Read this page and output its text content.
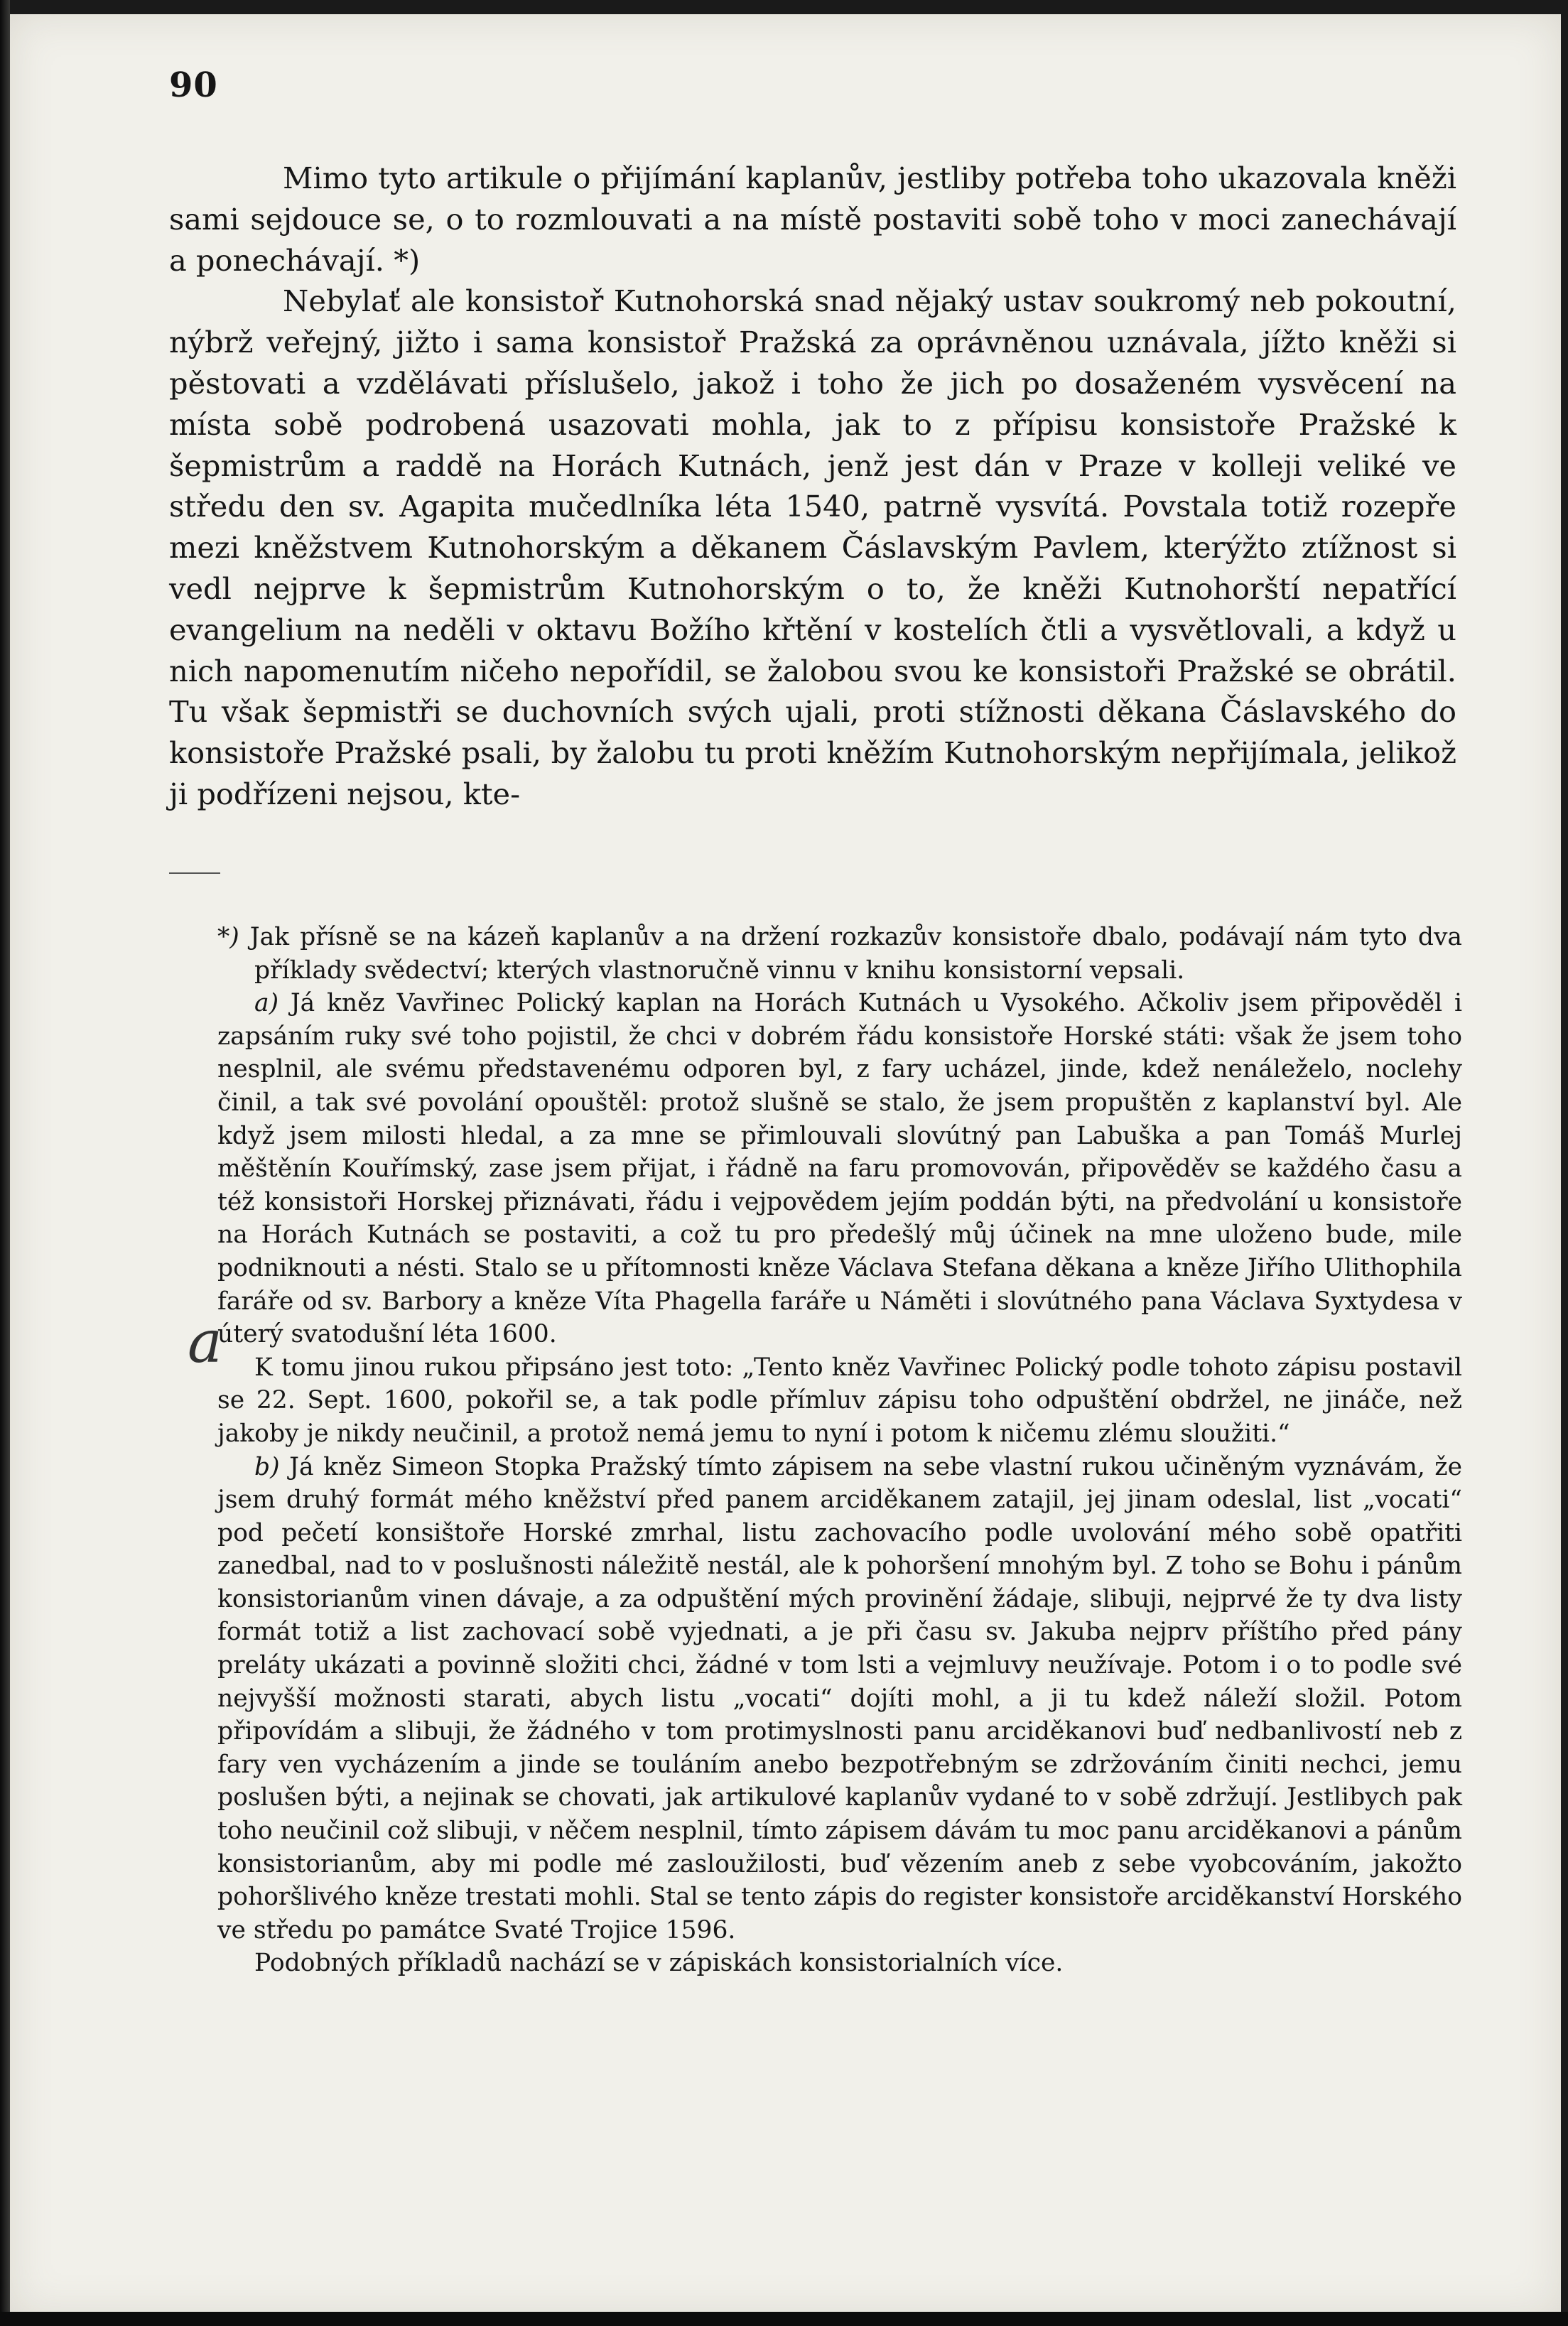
90

Mimo tyto artikule o přijímání kaplanův, jestliby potřeba toho ukazovala kněži sami sejdouce se, o to rozmlouvati a na místě postaviti sobě toho v moci zanechávají a ponechávají. *)

Nebylať ale konsistoř Kutnohorská snad nějaký ustav soukromý neb pokoutní, nýbrž veřejný, jižto i sama konsistoř Pražská za oprávněnou uznávala, jížto kněži si pěstovati a vzdělávati příslušelo, jakož i toho že jich po dosaženém vysvěcení na místa sobě podrobená usazovati mohla, jak to z přípisu konsistoře Pražské k šepmistrům a raddě na Horách Kutnách, jenž jest dán v Praze v kolleji veliké ve středu den sv. Agapita mučedlníka léta 1540, patrně vysvítá. Povstala totiž rozepře mezi kněžstvem Kutnohorským a děkanem Čáslavským Pavlem, kterýžto ztížnost si vedl nejprve k šepmistrům Kutnohorským o to, že kněži Kutnohorští nepatřící evangelium na neděli v oktavu Božího křtění v kostelích čtli a vysvětlovali, a když u nich napomenutím ničeho nepořídil, se žalobou svou ke konsistoři Pražské se obrátil. Tu však šepmistři se duchovních svých ujali, proti stížnosti děkana Čáslavského do konsistoře Pražské psali, by žalobu tu proti kněžím Kutnohorským nepřijímala, jelikož ji podřízeni nejsou, kte-

*) Jak přísně se na kázeň kaplanův a na držení rozkazův konsistoře dbalo, podávají nám tyto dva příklady svědectví; kterých vlastnoručně vinnu v knihu konsistorní vepsali.

a) Já kněz Vavřinec Polický kaplan na Horách Kutnách u Vysokého. Ačkoliv jsem připověděl i zapsáním ruky své toho pojistil, že chci v dobrém řádu konsistoře Horské státi: však že jsem toho nesplnil, ale svému představenému odporen byl, z fary ucházel, jinde, kdež nenáleželo, noclehy činil, a tak své povolání opouštěl: protož slušně se stalo, že jsem propuštěn z kaplanství byl. Ale když jsem milosti hledal, a za mne se přimlouvali slovútný pan Labuška a pan Tomáš Murlej měštěnín Kouřímský, zase jsem přijat, i řádně na faru promovován, připověděv se každého času a též konsistoři Horskej přiznávati, řádu i vejpovědem jejím poddán býti, na předvolání u konsistoře na Horách Kutnách se postaviti, a což tu pro předešlý můj účinek na mne uloženo bude, mile podniknouti a nésti. Stalo se u přítomnosti kněze Václava Stefana děkana a kněze Jiřího Ulithophila faráře od sv. Barbory a kněze Víta Phagella faráře u Náměti i slovútného pana Václava Syxtydesa v úterý svatodušní léta 1600.

K tomu jinou rukou připsáno jest toto: „Tento kněz Vavřinec Polický podle tohoto zápisu postavil se 22. Sept. 1600, pokořil se, a tak podle přímluv zápisu toho odpuštění obdržel, ne jináče, než jakoby je nikdy neučinil, a protož nemá jemu to nyní i potom k ničemu zlému sloužiti.“

b) Já kněz Simeon Stopka Pražský tímto zápisem na sebe vlastní rukou učiněným vyznávám, že jsem druhý formát mého kněžství před panem arciděkanem zatajil, jej jinam odeslal, list „vocati“ pod pečetí konsištoře Horské zmrhal, listu zachovacího podle uvolování mého sobě opatřiti zanedbal, nad to v poslušnosti náležitě nestál, ale k pohoršení mnohým byl. Z toho se Bohu i pánům konsistorianům vinen dávaje, a za odpuštění mých provinění žádaje, slibuji, nejprvé že ty dva listy formát totiž a list zachovací sobě vyjednati, a je při času sv. Jakuba nejprv příštího před pány preláty ukázati a povinně složiti chci, žádné v tom lsti a vejmluvy neužívaje. Potom i o to podle své nejvyšší možnosti starati, abych listu „vocati“ dojíti mohl, a ji tu kdež náleží složil. Potom připovídám a slibuji, že žádného v tom protimyslnosti panu arciděkanovi buď nedbanlivostí neb z fary ven vycházením a jinde se touláním anebo bezpotřebným se zdržováním činiti nechci, jemu poslušen býti, a nejinak se chovati, jak artikulové kaplanův vydané to v sobě zdržují. Jestlibych pak toho neučinil což slibuji, v něčem nesplnil, tímto zápisem dávám tu moc panu arciděkanovi a pánům konsistorianům, aby mi podle mé zasloužilosti, buď vězením aneb z sebe vyobcováním, jakožto pohoršlivého kněze trestati mohli. Stal se tento zápis do register konsistoře arciděkanství Horského ve středu po památce Svaté Trojice 1596.

Podobných příkladů nachází se v zápiskách konsistorialních více.

a
